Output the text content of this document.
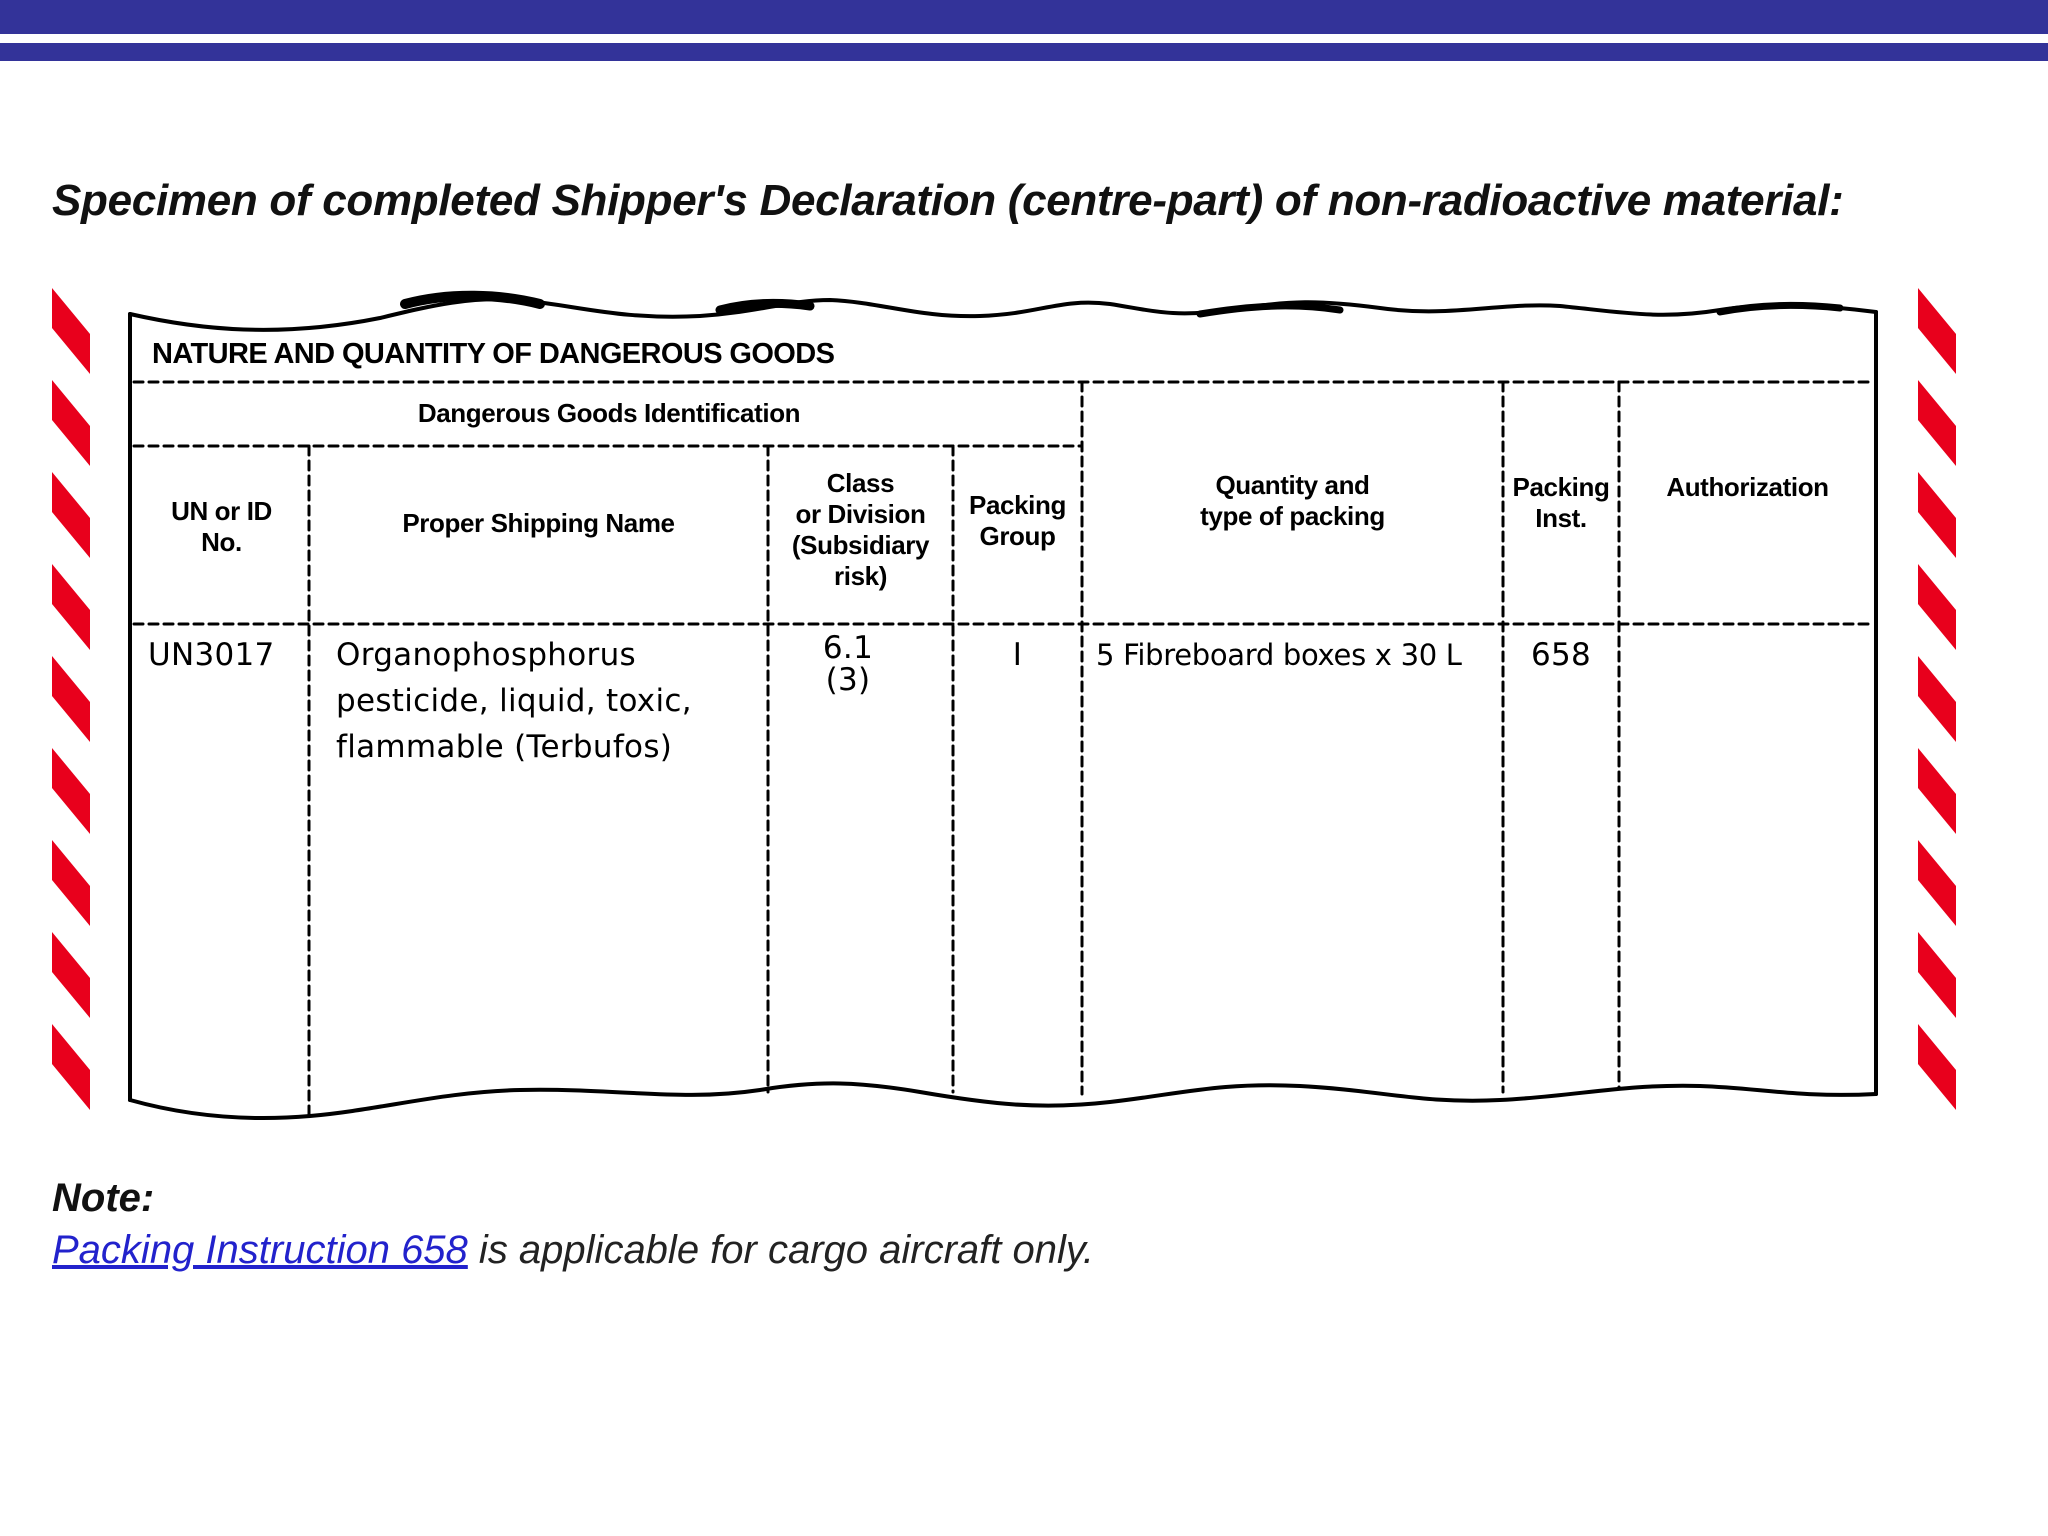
Specimen of completed Shipper's Declaration (centre-part) of non-radioactive material:
NATURE AND QUANTITY OF DANGEROUS GOODS
Dangerous Goods Identification
UN or ID
No.
Proper Shipping Name
Class
or Division
(Subsidiary
risk)
Packing
Group
Quantity and
type of packing
Packing
Inst.
Authorization
UN3017 Organophosphorus
pesticide, liquid, toxic,
flammable (Terbufos)
6.1
(3)
I	5 Fibreboard boxes x 30 L	658
Note:
Packing Instruction 658 is applicable for cargo aircraft only.
